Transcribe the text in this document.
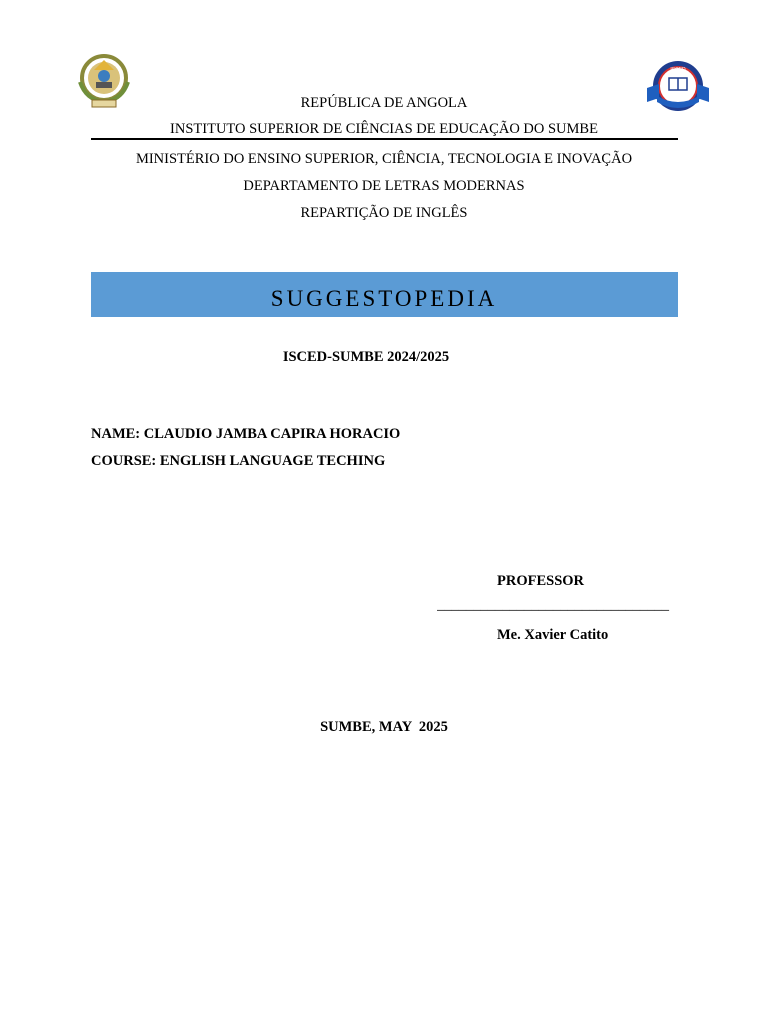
ISCED
REPÚBLICA DE ANGOLA
INSTITUTO SUPERIOR DE CIÊNCIAS DE EDUCAÇÃO DO SUMBE
MINISTÉRIO DO ENSINO SUPERIOR, CIÊNCIA, TECNOLOGIA E INOVAÇÃO
DEPARTAMENTO DE LETRAS MODERNAS
REPARTIÇÃO DE INGLÊS
SUGGESTOPEDIA
ISCED-SUMBE 2024/2025
NAME: CLAUDIO JAMBA CAPIRA HORACIO
COURSE: ENGLISH LANGUAGE TECHING
PROFESSOR
________________________________
Me. Xavier Catito
SUMBE, MAY  2025
